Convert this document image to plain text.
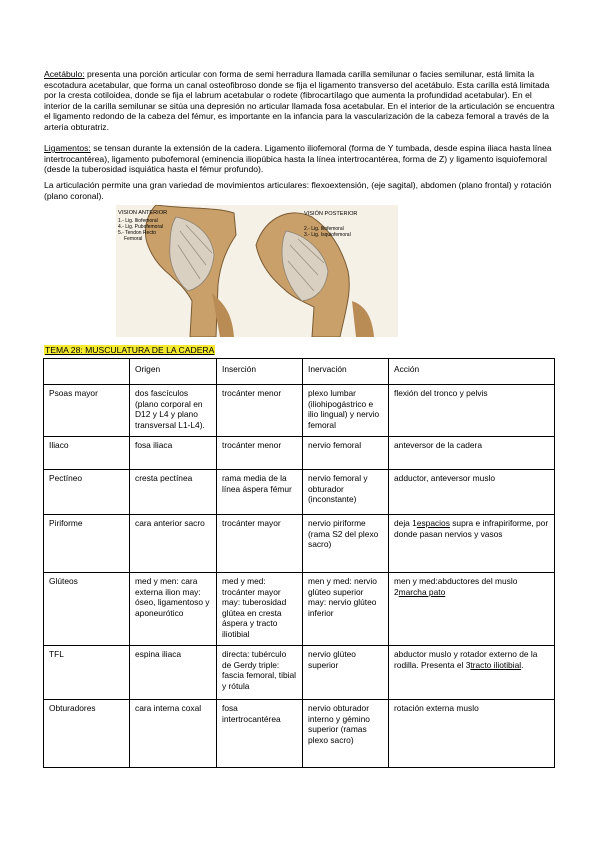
Acetábulo: presenta una porción articular con forma de semi herradura llamada carilla semilunar o facies semilunar, está limita la escotadura acetabular, que forma un canal osteofibroso donde se fija el ligamento transverso del acetábulo. Esta carilla está limitada por la cresta cotiloidea, donde se fija el labrum acetabular o rodete (fibrocartílago que aumenta la profundidad acetabular). En el interior de la carilla semilunar se sitúa una depresión no articular llamada fosa acetabular. En el interior de la articulación se encuentra el ligamento redondo de la cabeza del fémur, es importante en la infancia para la vascularización de la cabeza femoral a través de la arteria obturatriz.

Ligamentos: se tensan durante la extensión de la cadera. Ligamento iliofemoral (forma de Y tumbada, desde espina iliaca hasta línea intertrocantérea), ligamento pubofemoral (eminencia iliopúbica hasta la línea intertrocantérea, forma de Z) y ligamento isquiofemoral (desde la tuberosidad isquiática hasta el fémur profundo).

La articulación permite una gran variedad de movimientos articulares: flexoextensión, (eje sagital), abdomen (plano frontal) y rotación (plano coronal).

VISION ANTERIOR
1.- Lig. Iliofemoral
4.- Lig. Pubofemoral
5.- Tendon Recto
Femoral
VISIÓN POSTERIOR
2.- Lig. Iliofemoral
3.- Lig. Isquiofemoral
TEMA 28: MUSCULATURA DE LA CADERA
	Origen	Inserción	Inervación	Acción
Psoas mayor	dos fascículos (plano corporal en D12 y L4 y plano transversal L1-L4).	trocánter menor	plexo lumbar (iliohipogástrico e ilio lingual) y nervio femoral	flexión del tronco y pelvis
Iliaco	fosa iliaca	trocánter menor	nervio femoral	anteversor de la cadera
Pectíneo	cresta pectínea	rama media de la línea áspera fémur	nervio femoral y obturador (inconstante)	adductor, anteversor muslo
Piriforme	cara anterior sacro	trocánter mayor	nervio piriforme (rama S2 del plexo sacro)	deja 1espacios supra e infrapiriforme, por donde pasan nervios y vasos
Glúteos	med y men: cara externa ilion may: óseo, ligamentoso y aponeurótico	med y med: trocánter mayor may: tuberosidad glútea en cresta áspera y tracto iliotibial	men y med: nervio glúteo superior may: nervio glúteo inferior	men y med:abductores del muslo 2marcha pato
TFL	espina iliaca	directa: tubérculo de Gerdy triple: fascia femoral, tibial y rótula	nervio glúteo superior	abductor muslo y rotador externo de la rodilla. Presenta el 3tracto iliotibial.
Obturadores	cara interna coxal	fosa intertrocantérea	nervio obturador interno y gémino superior (ramas plexo sacro)	rotación externa muslo
